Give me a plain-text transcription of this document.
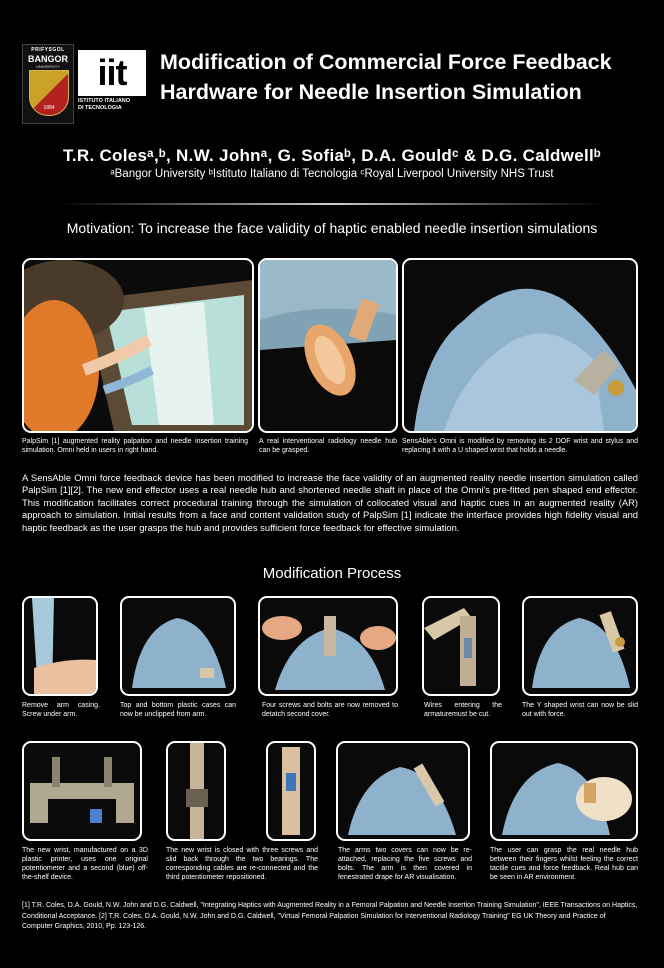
PRIFYSGOL
BANGOR
UNIVERSITY
1884
iit
ISTITUTO ITALIANO
DI TECNOLOGIA
Modification of Commercial Force Feedback
Hardware for Needle Insertion Simulation
T.R. Colesᵃ,ᵇ, N.W. Johnᵃ, G. Sofiaᵇ, D.A. Gouldᶜ & D.G. Caldwellᵇ
ᵃBangor University ᵇIstituto Italiano di Tecnologia ᶜRoyal Liverpool University NHS Trust
Motivation: To increase the face validity of haptic enabled needle insertion simulations
PalpSim [1] augmented reality palpation and needle insertion training simulation. Omni held in users in right hand.
A real interventional radiology needle hub can be grasped.
SensAble's Omni is modified by removing its 2 DOF wrist and stylus and replacing it with a U shaped wrist that holds a needle.
A SensAble Omni force feedback device has been modified to increase the face validity of an augmented reality needle insertion simulation called PalpSim [1][2]. The new end effector uses a real needle hub and shortened needle shaft in place of the Omni's pre-fitted pen shaped end effector. This modification facilitates correct procedural training through the simulation of collocated visual and haptic cues in an augmented reality (AR) approach to simulation. Initial results from a face and content validation study of PalpSim [1] indicate the interface provides high fidelity visual and haptic feedback as the user grasps the hub and provides sufficient force feedback for effective simulation.
Modification Process
Remove arm casing. Screw under arm.
Top and bottom plastic cases can now be unclipped from arm.
Four screws and bolts are now removed to detatch second cover.
Wires entering the armaturemust be cut.
The Y shaped wrist can now be slid out with force.
The new wrist, manufactured on a 3D plastic printer, uses one original potentiometer and a second (blue) off-the-shelf device.
The new wrist is closed with three screws and slid back through the two bearings. The corresponding cables are re-connected and the third potentiometer repositioned.
The arms two covers can now be re-attached, replacing the five screws and bolts. The arm is then covered in fenestrated drape for AR visualisation.
The user can grasp the real needle hub between their fingers whilst feeling the correct tactile cues and force feedback. Real hub can be seen in AR environment.
[1] T.R. Coles, D.A. Gould, N.W. John and D.G. Caldwell, "Integrating Haptics with Augmented Reality in a Femoral Palpation and Needle Insertion Training Simulation", IEEE Transactions on Haptics, Conditional Acceptance. [2] T.R. Coles, D.A. Gould, N.W. John and D.G. Caldwell, "Virtual Femoral Palpation Simulation for Interventional Radiology Training" EG UK Theory and Practice of Computer Graphics, 2010, Pp. 123-126.
